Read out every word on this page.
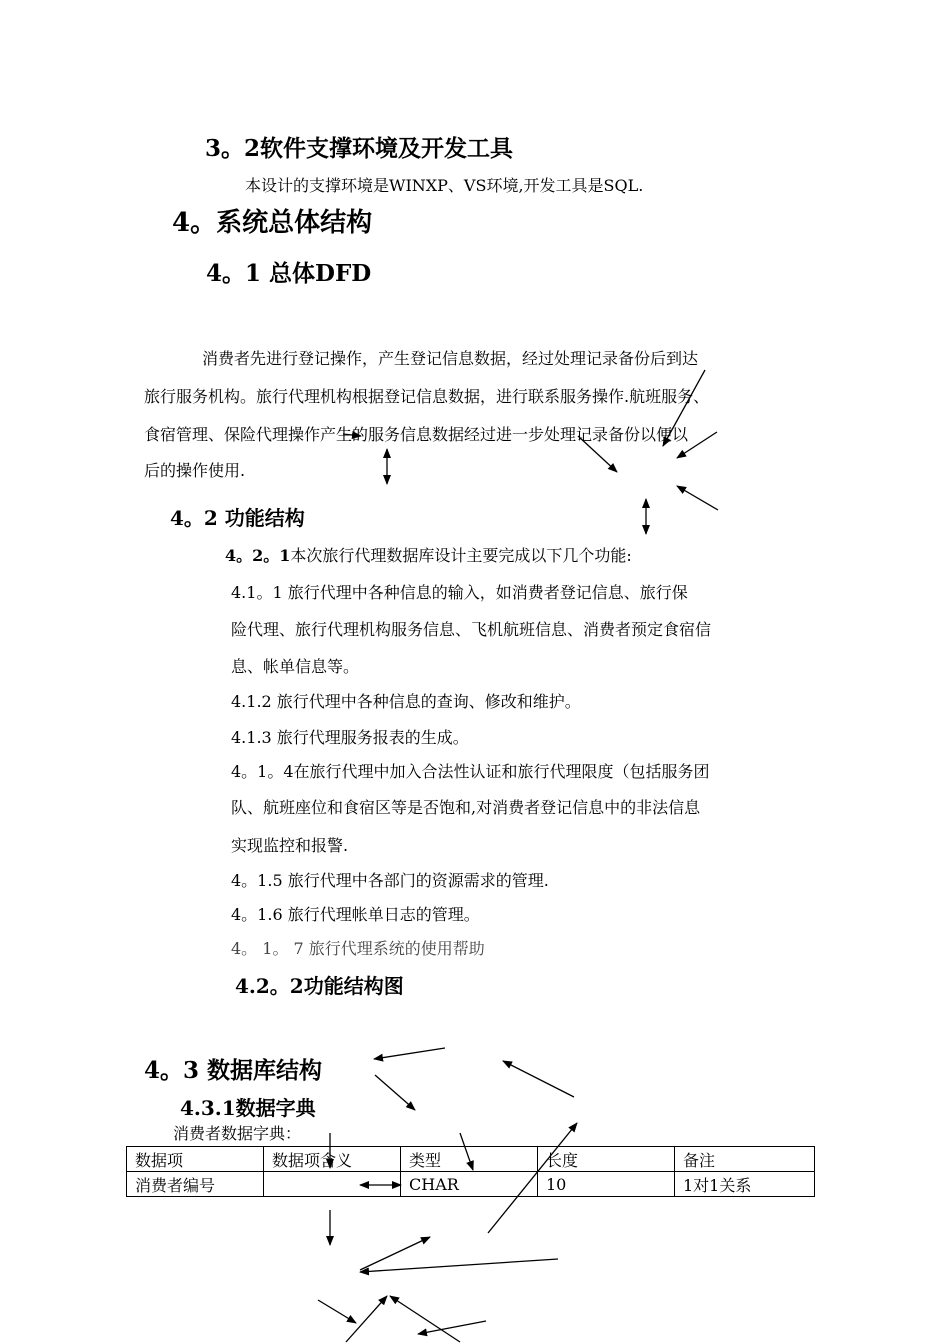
3。2软件支撑环境及开发工具
本设计的支撑环境是WINXP、VS环境,开发工具是SQL.
4。系统总体结构
4。1 总体DFD
消费者先进行登记操作，产生登记信息数据，经过处理记录备份后到达
旅行服务机构。旅行代理机构根据登记信息数据，进行联系服务操作.航班服务、
食宿管理、保险代理操作产生的服务信息数据经过进一步处理记录备份以便以
后的操作使用.
4。2 功能结构
4。2。1本次旅行代理数据库设计主要完成以下几个功能:
4.1。1 旅行代理中各种信息的输入，如消费者登记信息、旅行保
险代理、旅行代理机构服务信息、飞机航班信息、消费者预定食宿信
息、帐单信息等。
4.1.2 旅行代理中各种信息的查询、修改和维护。
4.1.3 旅行代理服务报表的生成。
4。1。4在旅行代理中加入合法性认证和旅行代理限度（包括服务团
队、航班座位和食宿区等是否饱和,对消费者登记信息中的非法信息
实现监控和报警.
4。1.5 旅行代理中各部门的资源需求的管理.
4。1.6 旅行代理帐单日志的管理。
4。 1。 7 旅行代理系统的使用帮助
4.2。2功能结构图
4。3 数据库结构
4.3.1数据字典
消费者数据字典：
数据项	数据项含义	类型	长度	备注
消费者编号		CHAR	10	1对1关系
